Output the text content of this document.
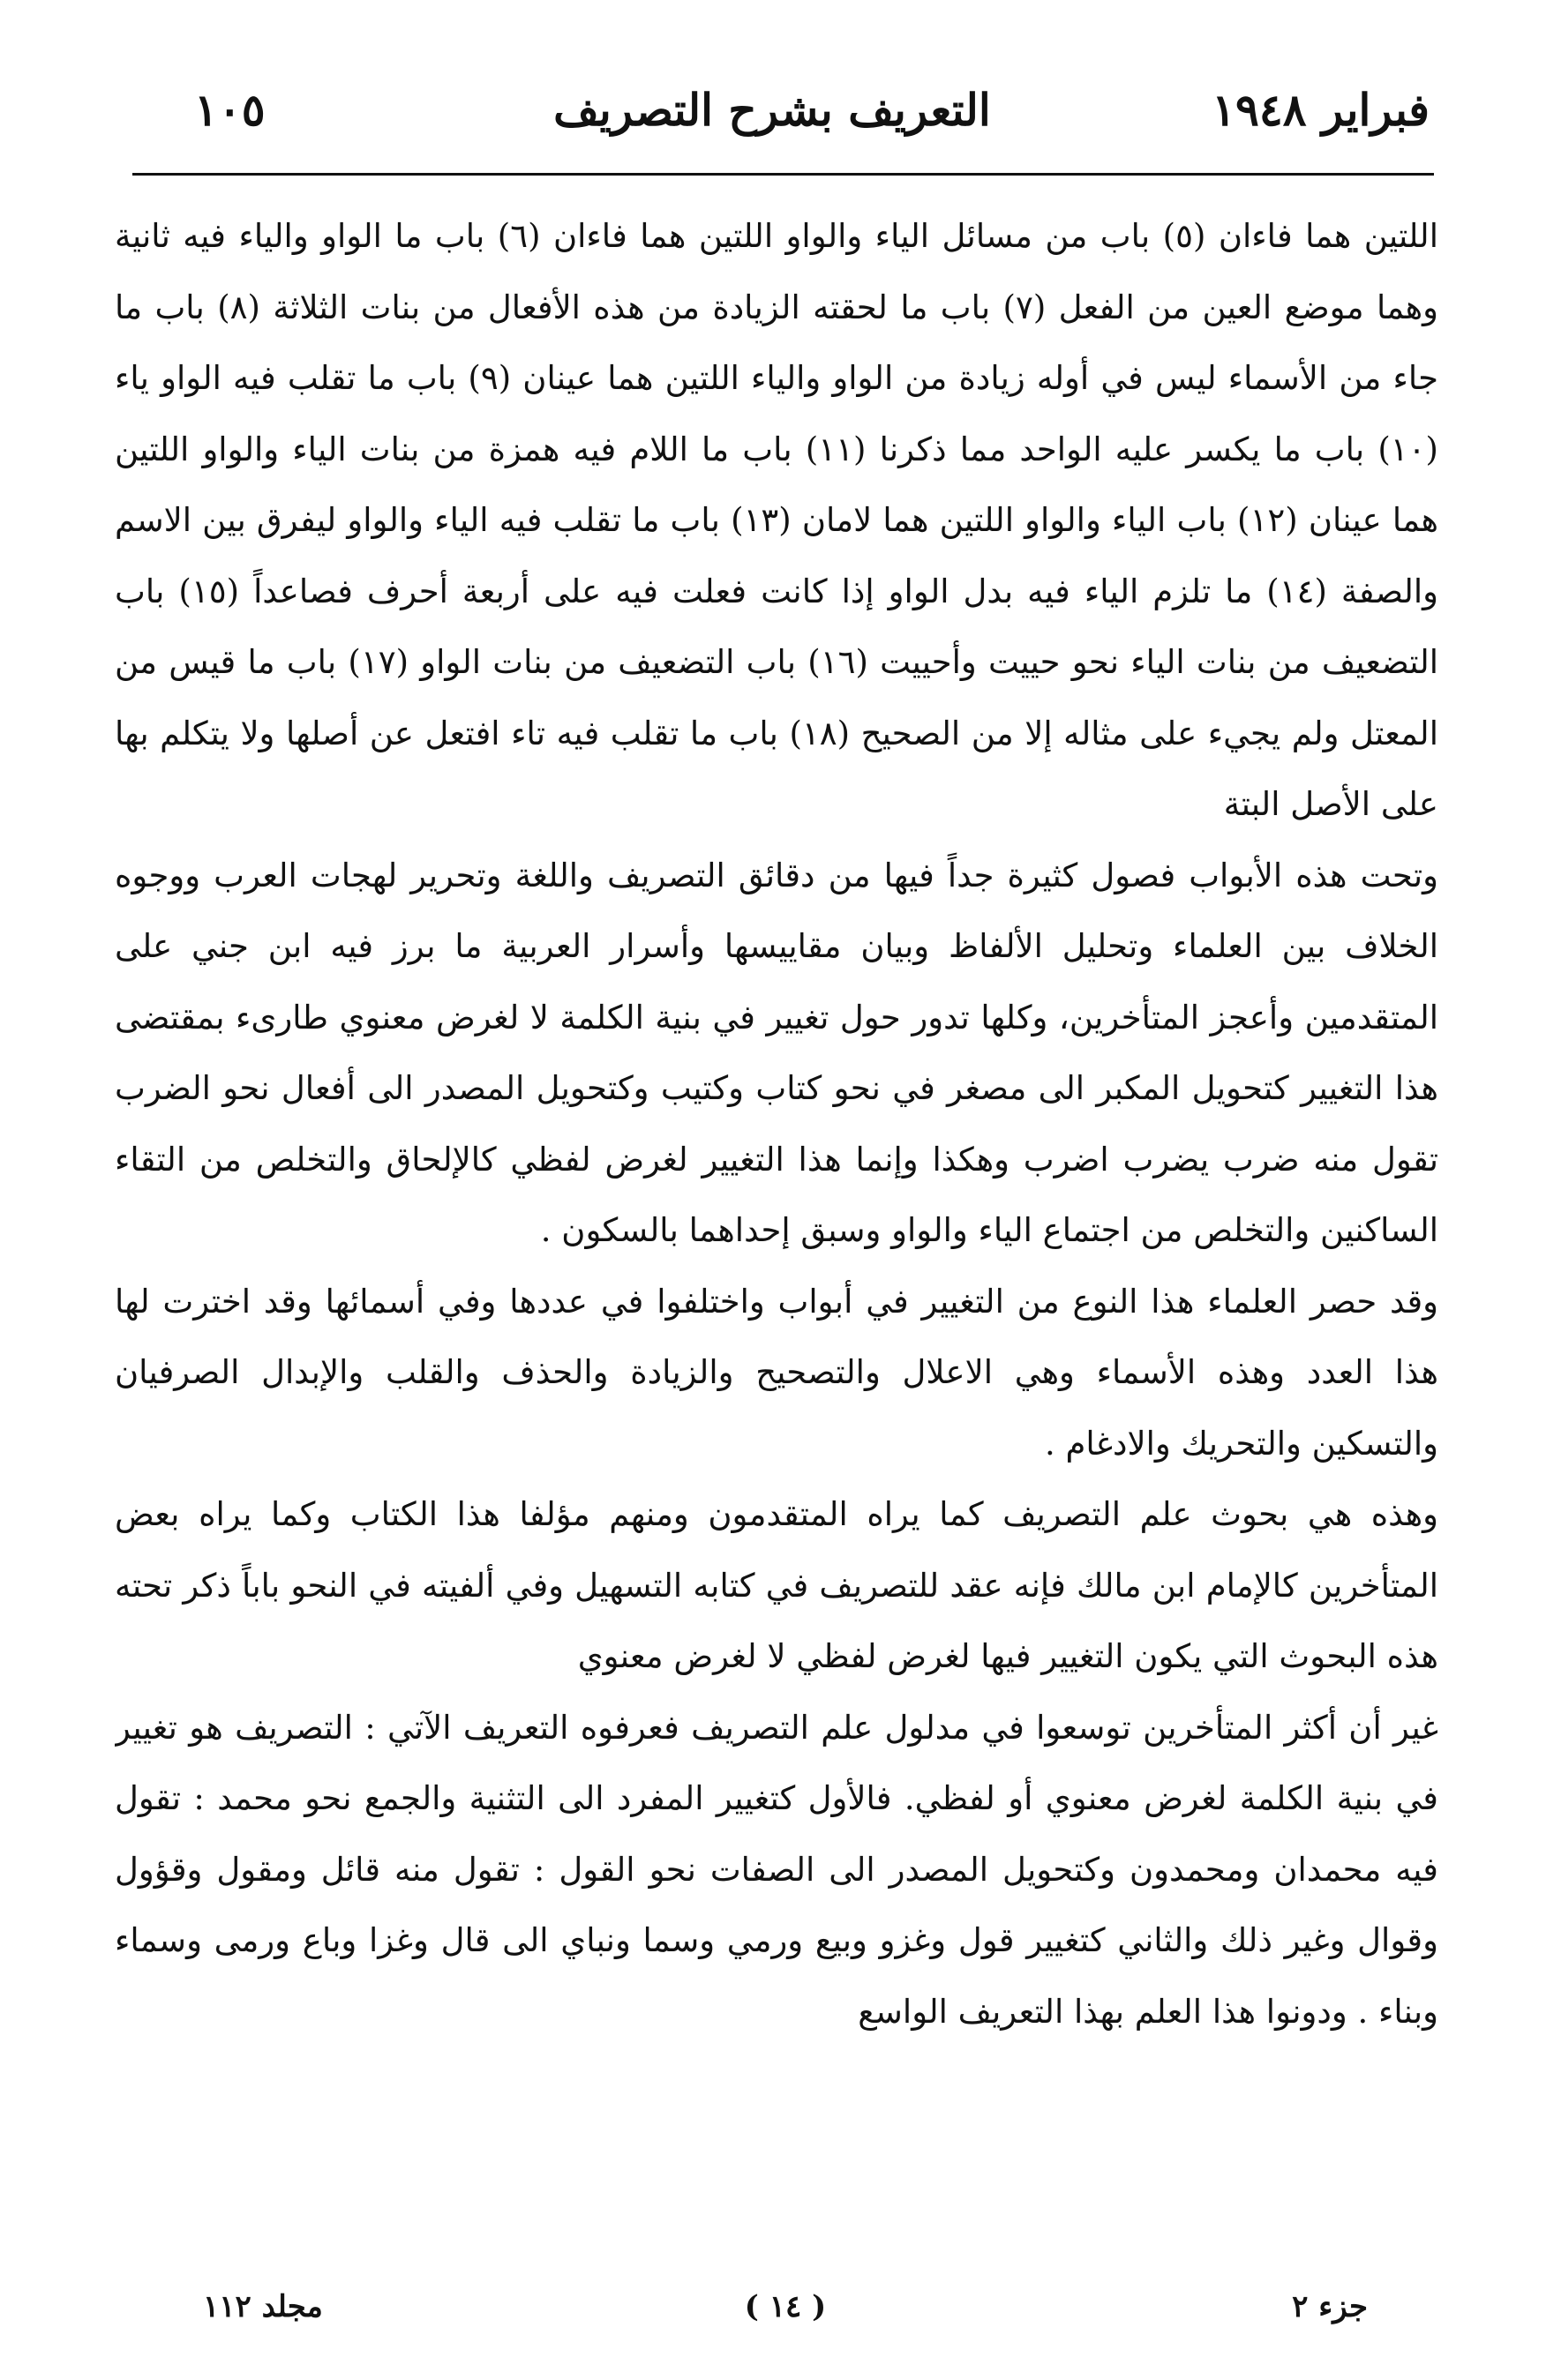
١٠٥	التعريف بشرح التصريف	فبراير ١٩٤٨

اللتين هما فاءان (٥) باب من مسائل الياء والواو اللتين هما فاءان (٦) باب ما الواو والياء فيه ثانية وهما موضع العين من الفعل (٧) باب ما لحقته الزيادة من هذه الأفعال من بنات الثلاثة (٨) باب ما جاء من الأسماء ليس في أوله زيادة من الواو والياء اللتين هما عينان (٩) باب ما تقلب فيه الواو ياء (١٠) باب ما يكسر عليه الواحد مما ذكرنا (١١) باب ما اللام فيه همزة من بنات الياء والواو اللتين هما عينان (١٢) باب الياء والواو اللتين هما لامان (١٣) باب ما تقلب فيه الياء والواو ليفرق بين الاسم والصفة (١٤) ما تلزم الياء فيه بدل الواو إذا كانت فعلت فيه على أربعة أحرف فصاعداً (١٥) باب التضعيف من بنات الياء نحو حييت وأحييت (١٦) باب التضعيف من بنات الواو (١٧) باب ما قيس من المعتل ولم يجيء على مثاله إلا من الصحيح (١٨) باب ما تقلب فيه تاء افتعل عن أصلها ولا يتكلم بها على الأصل البتة

وتحت هذه الأبواب فصول كثيرة جداً فيها من دقائق التصريف واللغة وتحرير لهجات العرب ووجوه الخلاف بين العلماء وتحليل الألفاظ وبيان مقاييسها وأسرار العربية ما برز فيه ابن جني على المتقدمين وأعجز المتأخرين، وكلها تدور حول تغيير في بنية الكلمة لا لغرض معنوي طارىء بمقتضى هذا التغيير كتحويل المكبر الى مصغر في نحو كتاب وكتيب وكتحويل المصدر الى أفعال نحو الضرب تقول منه ضرب يضرب اضرب وهكذا وإنما هذا التغيير لغرض لفظي كالإلحاق والتخلص من التقاء الساكنين والتخلص من اجتماع الياء والواو وسبق إحداهما بالسكون .

وقد حصر العلماء هذا النوع من التغيير في أبواب واختلفوا في عددها وفي أسمائها وقد اخترت لها هذا العدد وهذه الأسماء وهي الاعلال والتصحيح والزيادة والحذف والقلب والإبدال الصرفيان والتسكين والتحريك والادغام .

وهذه هي بحوث علم التصريف كما يراه المتقدمون ومنهم مؤلفا هذا الكتاب وكما يراه بعض المتأخرين كالإمام ابن مالك فإنه عقد للتصريف في كتابه التسهيل وفي ألفيته في النحو باباً ذكر تحته هذه البحوث التي يكون التغيير فيها لغرض لفظي لا لغرض معنوي

غير أن أكثر المتأخرين توسعوا في مدلول علم التصريف فعرفوه التعريف الآتي : التصريف هو تغيير في بنية الكلمة لغرض معنوي أو لفظي. فالأول كتغيير المفرد الى التثنية والجمع نحو محمد : تقول فيه محمدان ومحمدون وكتحويل المصدر الى الصفات نحو القول : تقول منه قائل ومقول وقؤول وقوال وغير ذلك والثاني كتغيير قول وغزو وبيع ورمي وسما ونباي الى قال وغزا وباع ورمى وسماء وبناء . ودونوا هذا العلم بهذا التعريف الواسع

مجلد ١١٢	( ١٤ )	جزء ٢
